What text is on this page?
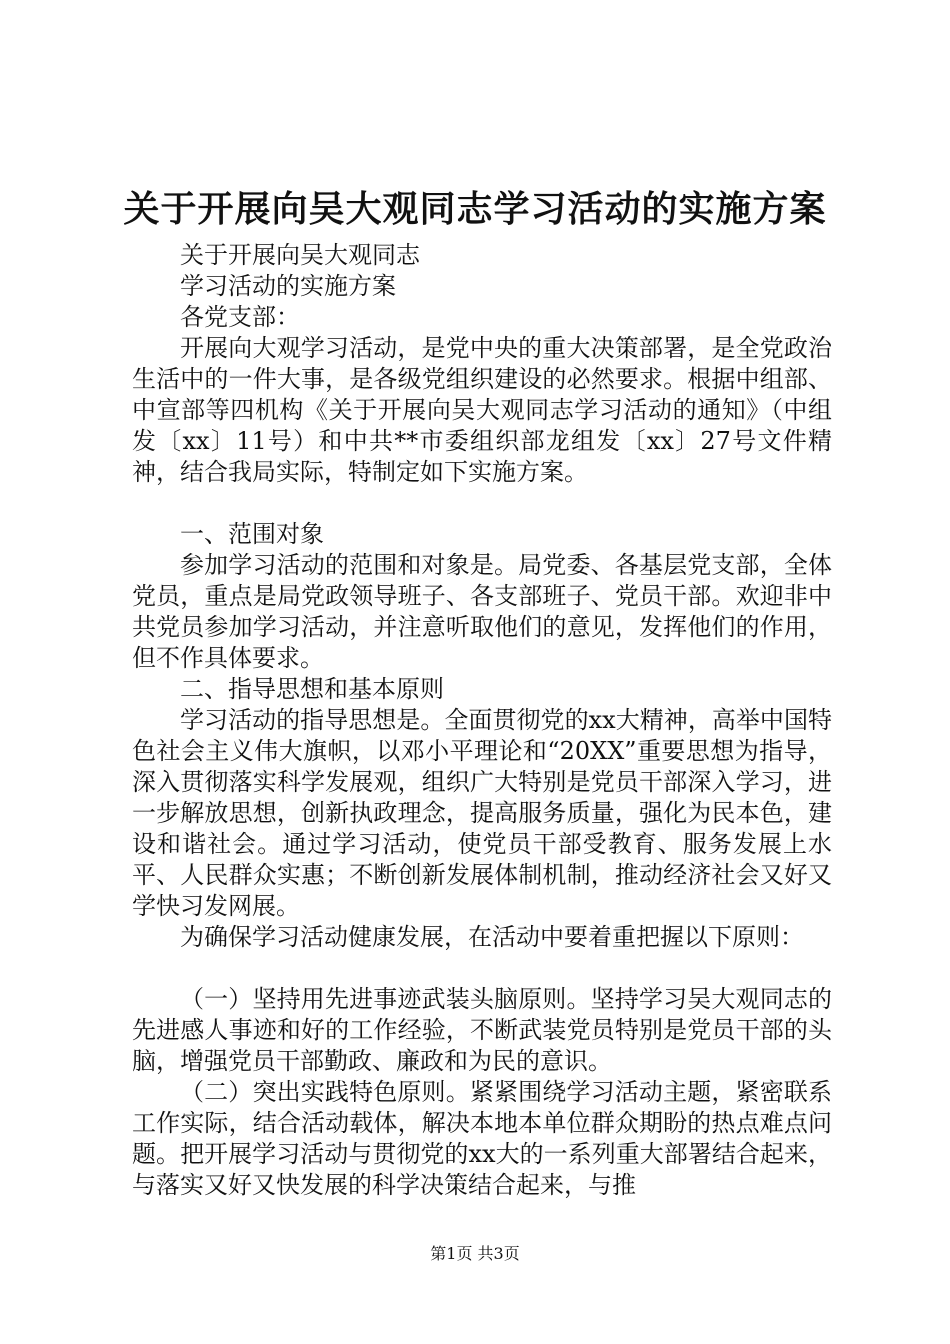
关于开展向吴大观同志学习活动的实施方案

关于开展向吴大观同志

学习活动的实施方案

各党支部：

开展向大观学习活动，是党中央的重大决策部署，是全党政治生活中的一件大事，是各级党组织建设的必然要求。根据中组部、中宣部等四机构《关于开展向吴大观同志学习活动的通知》（中组发〔xx〕11号）和中共**市委组织部龙组发〔xx〕27号文件精神，结合我局实际，特制定如下实施方案。

一、范围对象

参加学习活动的范围和对象是。局党委、各基层党支部，全体党员，重点是局党政领导班子、各支部班子、党员干部。欢迎非中共党员参加学习活动，并注意听取他们的意见，发挥他们的作用，但不作具体要求。

二、指导思想和基本原则

学习活动的指导思想是。全面贯彻党的xx大精神，高举中国特色社会主义伟大旗帜，以邓小平理论和“20XX”重要思想为指导，深入贯彻落实科学发展观，组织广大特别是党员干部深入学习，进一步解放思想，创新执政理念，提高服务质量，强化为民本色，建设和谐社会。通过学习活动，使党员干部受教育、服务发展上水平、人民群众实惠；不断创新发展体制机制，推动经济社会又好又学快习发网展。

为确保学习活动健康发展，在活动中要着重把握以下原则：

（一）坚持用先进事迹武装头脑原则。坚持学习吴大观同志的先进感人事迹和好的工作经验，不断武装党员特别是党员干部的头脑，增强党员干部勤政、廉政和为民的意识。

（二）突出实践特色原则。紧紧围绕学习活动主题，紧密联系工作实际，结合活动载体，解决本地本单位群众期盼的热点难点问题。把开展学习活动与贯彻党的xx大的一系列重大部署结合起来，与落实又好又快发展的科学决策结合起来，与推

第1页 共3页
